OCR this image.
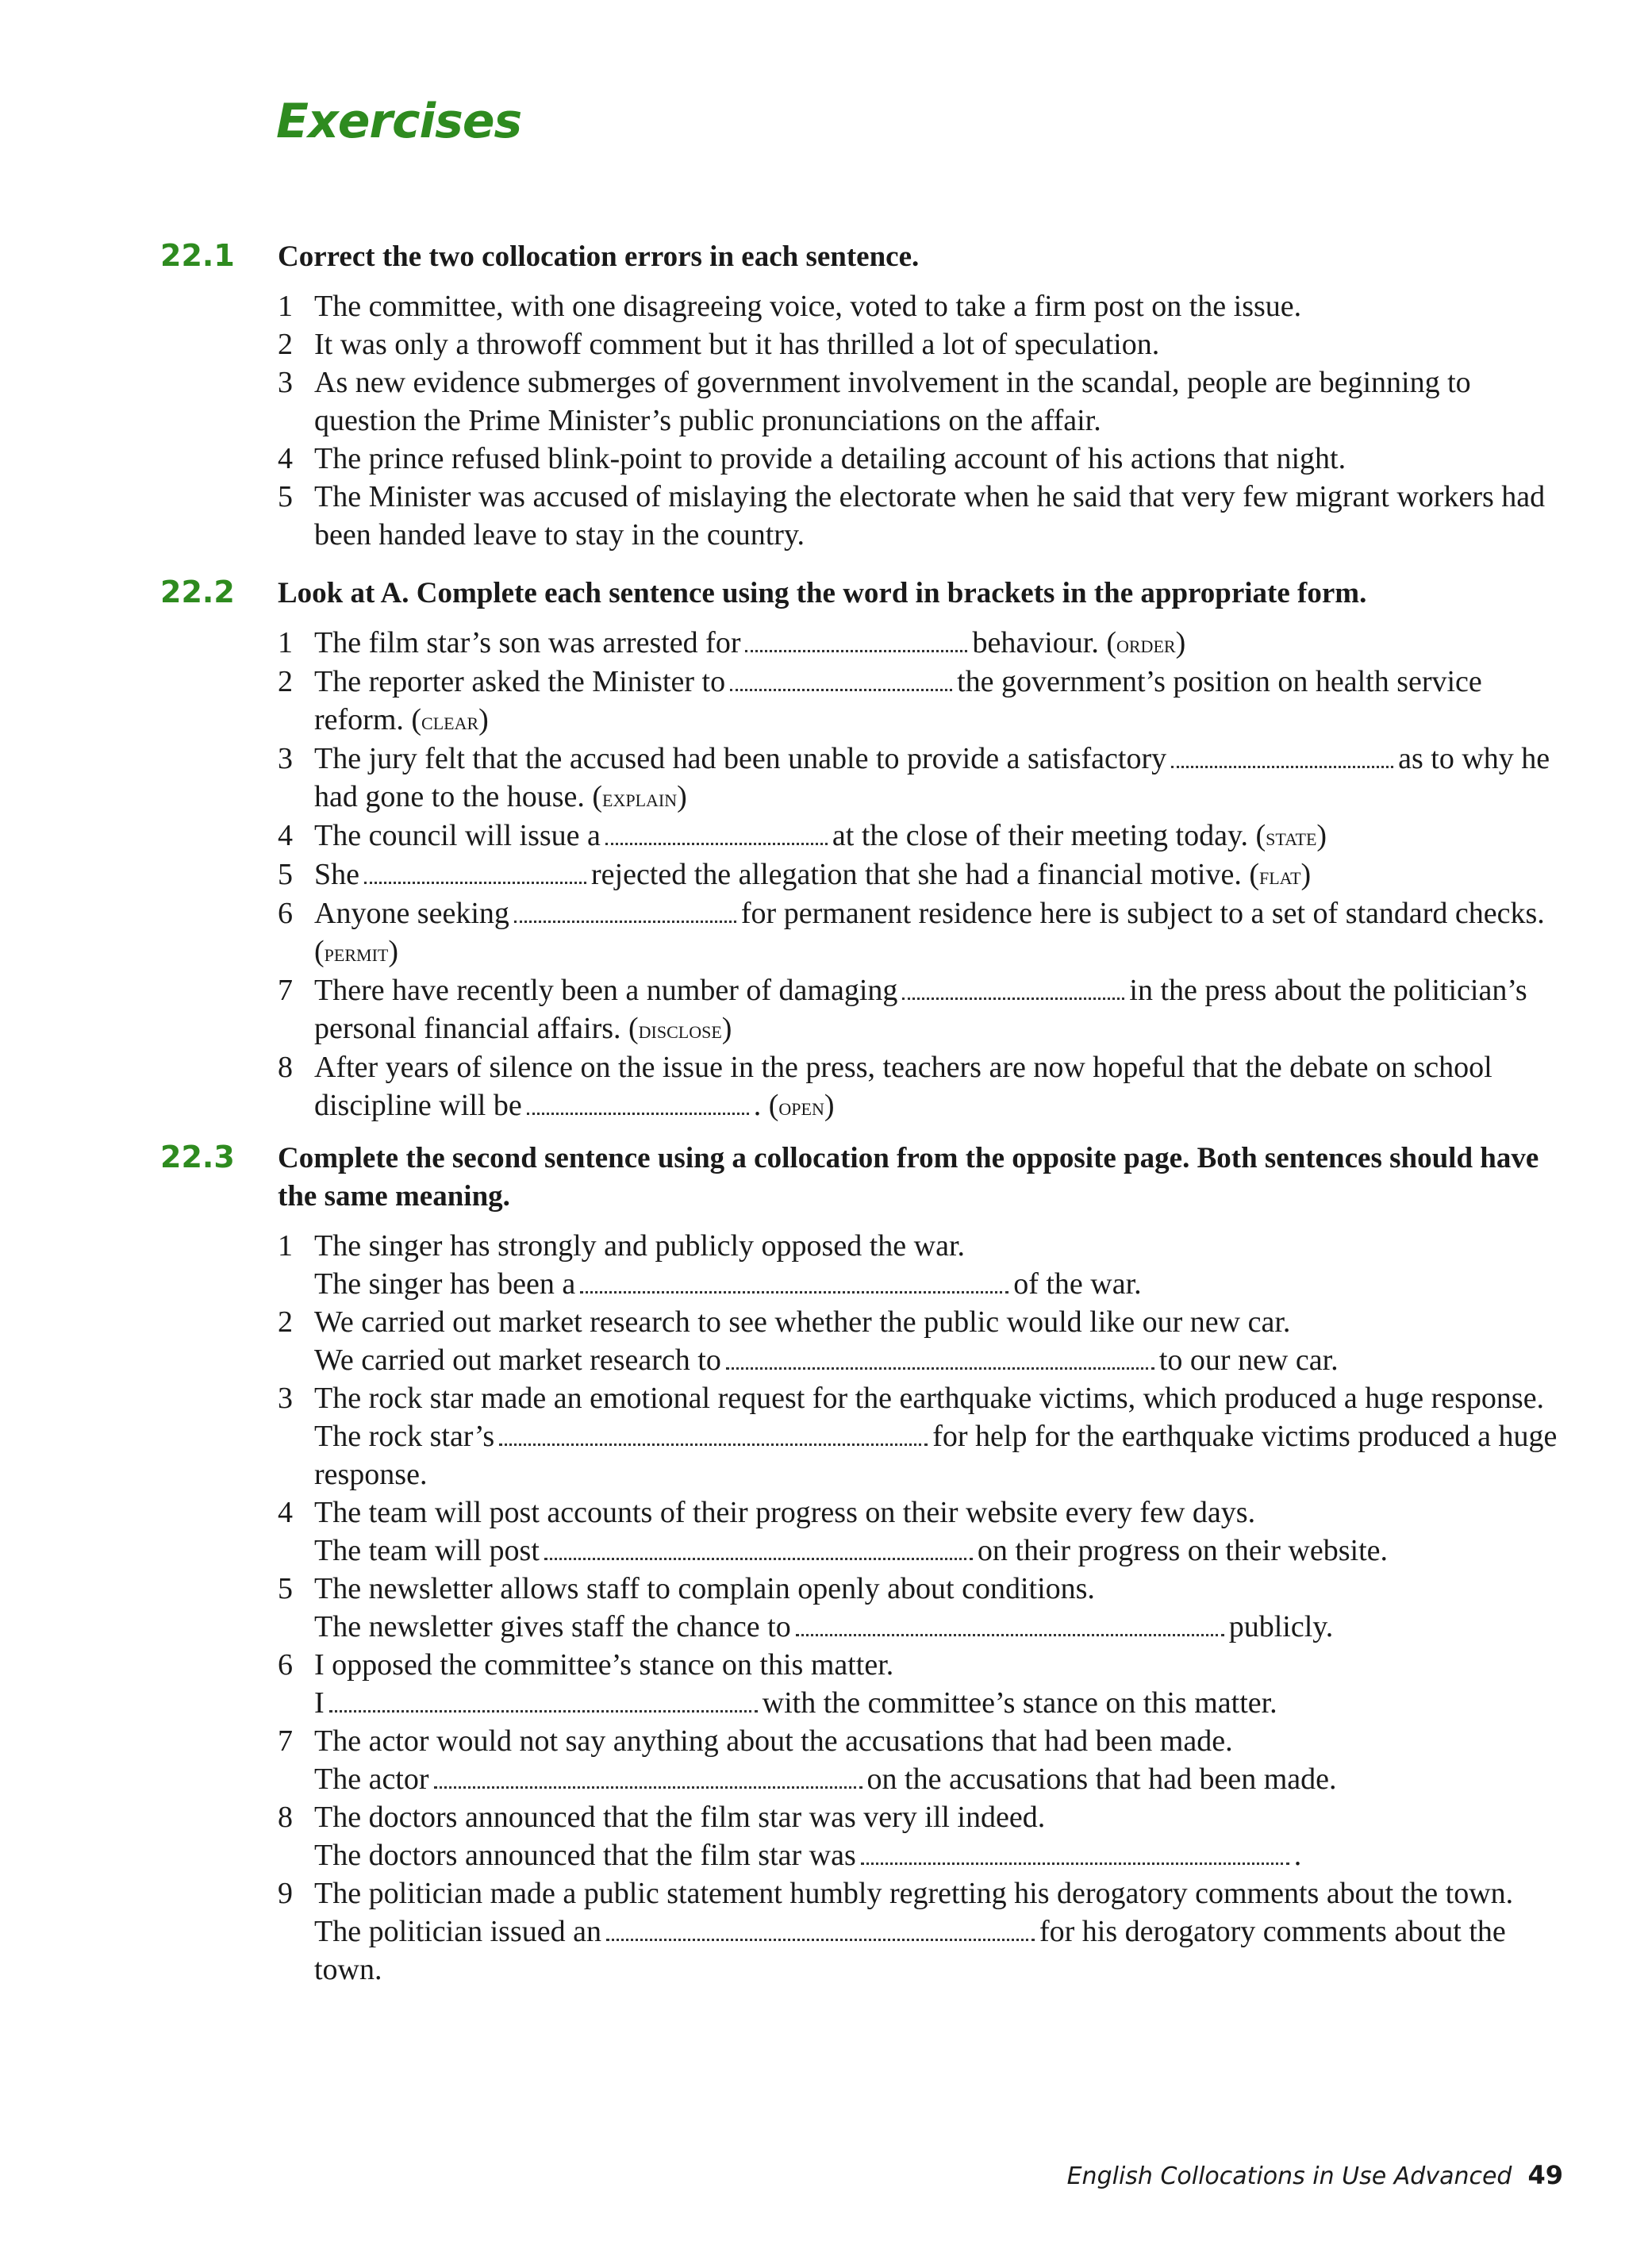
Exercises
22.1 Correct the two collocation errors in each sentence.
1 The committee, with one disagreeing voice, voted to take a firm post on the issue.
2 It was only a throwoff comment but it has thrilled a lot of speculation.
3 As new evidence submerges of government involvement in the scandal, people are beginning to question the Prime Minister’s public pronunciations on the affair.
4 The prince refused blink-point to provide a detailing account of his actions that night.
5 The Minister was accused of mislaying the electorate when he said that very few migrant workers had been handed leave to stay in the country.
22.2 Look at A. Complete each sentence using the word in brackets in the appropriate form.
1 The film star’s son was arrested for	behaviour. (order)
2 The reporter asked the Minister to	the government’s position on health service reform. (clear)
3 The jury felt that the accused had been unable to provide a satisfactory	as to why he had gone to the house. (explain)
4 The council will issue a	at the close of their meeting today. (state)
5 She	rejected the allegation that she had a financial motive. (flat)
6 Anyone seeking	for permanent residence here is subject to a set of standard checks. (permit)
7 There have recently been a number of damaging	in the press about the politician’s personal financial affairs. (disclose)
8 After years of silence on the issue in the press, teachers are now hopeful that the debate on school discipline will be	. (open)
22.3 Complete the second sentence using a collocation from the opposite page. Both sentences should have the same meaning.
1 The singer has strongly and publicly opposed the war.
The singer has been a	of the war.
2 We carried out market research to see whether the public would like our new car.
We carried out market research to	to our new car.
3 The rock star made an emotional request for the earthquake victims, which produced a huge response.
The rock star’s	for help for the earthquake victims produced a huge response.
4 The team will post accounts of their progress on their website every few days.
The team will post	on their progress on their website.
5 The newsletter allows staff to complain openly about conditions.
The newsletter gives staff the chance to	publicly.
6 I opposed the committee’s stance on this matter.
I	with the committee’s stance on this matter.
7 The actor would not say anything about the accusations that had been made.
The actor	on the accusations that had been made.
8 The doctors announced that the film star was very ill indeed.
The doctors announced that the film star was	.
9 The politician made a public statement humbly regretting his derogatory comments about the town.
The politician issued an	for his derogatory comments about the town.
English Collocations in Use Advanced 49
